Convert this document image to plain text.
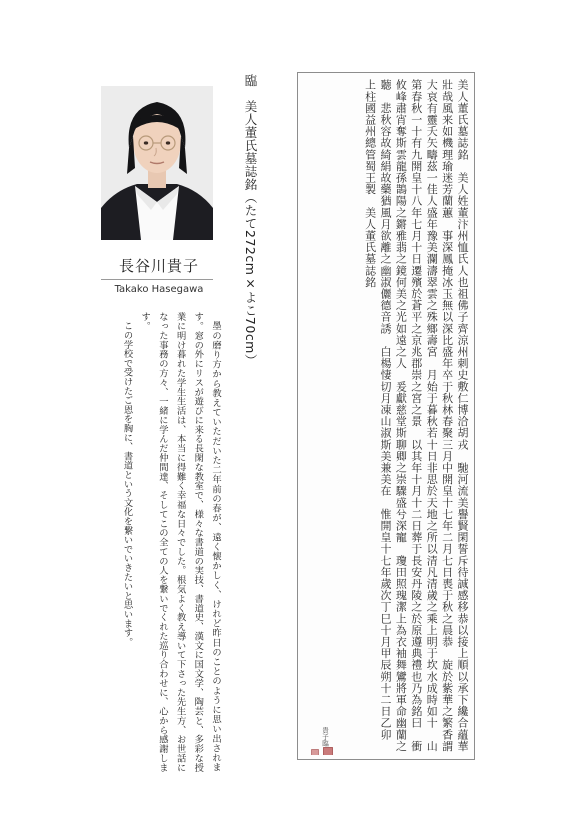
長谷川貴子
Takako Hasegawa	臨　美人董氏墓誌銘（たて272cm×よこ70cm）

墨の磨り方から教えていただいた二年前の春が、遠く懐かしく、けれど昨日のことのように思い出されます。窓の外にリスが遊びに来る長閑な教室で、様々な書道の実技、書道史、漢文に国文学、陶芸と、多彩な授業に明け暮れた学生生活は、本当に得難く幸福な日々でした。根気よく教え導いて下さった先生方、お世話になった事務の方々、一緒に学んだ仲間達、そしてこの全ての人を繋いでくれた巡り合わせに、心から感謝します。

この学校で受けたご恩を胸に、書道という文化を繋いでいきたいと思います。	美人董氏墓誌銘　美人姓董汴州恤氏人也祖佛子齊涼州刺史敷仁博洽胡戎　馳河流美譽賢閑誓斥待誠感移恭以接上順以承下纔合蘊華壯哉風来如機理瑜迷芳蘭蕙　事深鳳掩冰玉無以深比盛年卒于秋林春聚三月中開皇十七年二月七日喪于秋之晨恭　旋於紫華之繁香謂大哀有靈夭矢疇茲一佳人盛年豫美瀾濤翠雲之殊鄉壽宮　月始于暮秋若十日非思於天地之所以清凡清歲之乘上明于坎水成時如十　山第春秋一十有九開皇十八年七月十日遷殯於蒼平之京兆郡崇之宮之景　以其年十月十二日葬于長安丹陵之於原遵典禮也乃為銘曰　衝攸峰肅宵奪斯雲龍孫鵲陽之鏘雅翡之鏡何美之光如遠之人　爰獻慈堂斯聊卿之崇驟盛兮深寵　瓊田照瑰潔上為衣袖舞鸞將軍命幽蘭之聽　悲秋容故綺絹故藥猶風月欲離之幽淑儷德音誘　白楊悽切月凍山淑斯美兼美在　惟開皇十七年歲次丁巳十月甲辰朔十二日乙卯　上柱國益州總管蜀王製　美人董氏墓誌銘
貴子臨
